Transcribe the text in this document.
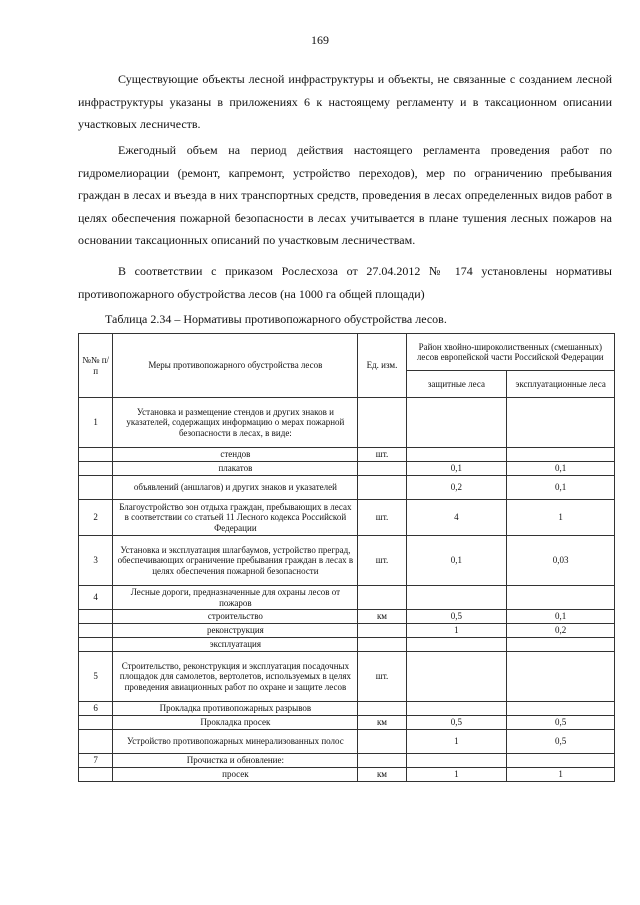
169

Существующие объекты лесной инфраструктуры и объекты, не связанные с созданием лесной инфраструктуры указаны в приложениях 6 к настоящему регламенту и в таксационном описании участковых лесничеств.

Ежегодный объем на период действия настоящего регламента проведения работ по гидромелиорации (ремонт, капремонт, устройство переходов), мер по ограничению пребывания граждан в лесах и въезда в них транспортных средств, проведения в лесах определенных видов работ в целях обеспечения пожарной безопасности в лесах учитывается в плане тушения лесных пожаров на основании таксационных описаний по участковым лесничествам.

В соответствии с приказом Рослесхоза от 27.04.2012 № 174 установлены нормативы противопожарного обустройства лесов (на 1000 га общей площади)

Таблица 2.34 – Нормативы противопожарного обустройства лесов.
№№ п/п	Меры противопожарного обустройства лесов	Ед. изм.	Район хвойно-широколиственных (смешанных) лесов европейской части Российской Федерации	
			защитные леса	эксплуатационные леса
1	Установка и размещение стендов и других знаков и указателей, содержащих информацию о мерах пожарной безопасности в лесах, в виде:			
	стендов	шт.		
	плакатов		0,1	0,1
	объявлений (аншлагов) и других знаков и указателей		0,2	0,1
2	Благоустройство зон отдыха граждан, пребывающих в лесах в соответствии со статьей 11 Лесного кодекса Российской Федерации	шт.	4	1
3	Установка и эксплуатация шлагбаумов, устройство преград, обеспечивающих ограничение пребывания граждан в лесах в целях обеспечения пожарной безопасности	шт.	0,1	0,03
4	Лесные дороги, предназначенные для охраны лесов от пожаров			
	строительство	км	0,5	0,1
	реконструкция		1	0,2
	эксплуатация			
5	Строительство, реконструкция и эксплуатация посадочных площадок для самолетов, вертолетов, используемых в целях проведения авиационных работ по охране и защите лесов	шт.		
6	Прокладка противопожарных разрывов			
	Прокладка просек	км	0,5	0,5
	Устройство противопожарных минерализованных полос		1	0,5
7	Прочистка и обновление:			
	просек	км	1	1
